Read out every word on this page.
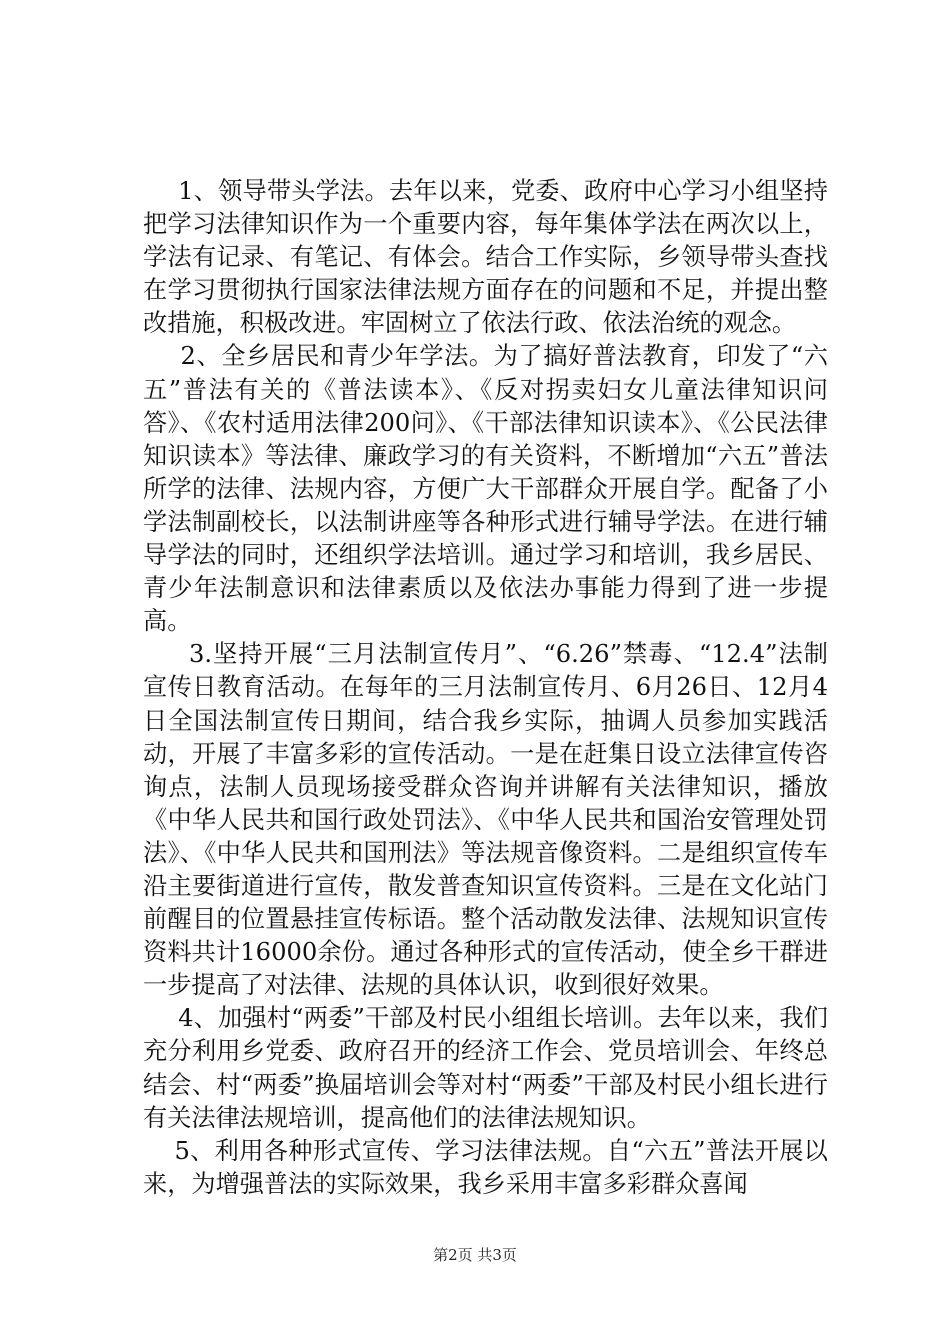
1、领导带头学法。去年以来，党委、政府中心学习小组坚持把学习法律知识作为一个重要内容，每年集体学法在两次以上，学法有记录、有笔记、有体会。结合工作实际，乡领导带头查找在学习贯彻执行国家法律法规方面存在的问题和不足，并提出整改措施，积极改进。牢固树立了依法行政、依法治统的观念。

2、全乡居民和青少年学法。为了搞好普法教育，印发了“六五”普法有关的《普法读本》、《反对拐卖妇女儿童法律知识问答》、《农村适用法律200问》、《干部法律知识读本》、《公民法律知识读本》等法律、廉政学习的有关资料，不断增加“六五”普法所学的法律、法规内容，方便广大干部群众开展自学。配备了小学法制副校长，以法制讲座等各种形式进行辅导学法。在进行辅导学法的同时，还组织学法培训。通过学习和培训，我乡居民、青少年法制意识和法律素质以及依法办事能力得到了进一步提高。

3.坚持开展“三月法制宣传月”、“6.26”禁毒、“12.4”法制宣传日教育活动。在每年的三月法制宣传月、6月26日、12月4日全国法制宣传日期间，结合我乡实际，抽调人员参加实践活动，开展了丰富多彩的宣传活动。一是在赶集日设立法律宣传咨询点，法制人员现场接受群众咨询并讲解有关法律知识，播放《中华人民共和国行政处罚法》、《中华人民共和国治安管理处罚法》、《中华人民共和国刑法》等法规音像资料。二是组织宣传车沿主要街道进行宣传，散发普查知识宣传资料。三是在文化站门前醒目的位置悬挂宣传标语。整个活动散发法律、法规知识宣传资料共计16000余份。通过各种形式的宣传活动，使全乡干群进一步提高了对法律、法规的具体认识，收到很好效果。

4、加强村“两委”干部及村民小组组长培训。去年以来，我们充分利用乡党委、政府召开的经济工作会、党员培训会、年终总结会、村“两委”换届培训会等对村“两委”干部及村民小组长进行有关法律法规培训，提高他们的法律法规知识。

5、利用各种形式宣传、学习法律法规。自“六五”普法开展以来，为增强普法的实际效果，我乡采用丰富多彩群众喜闻

第2页 共3页
